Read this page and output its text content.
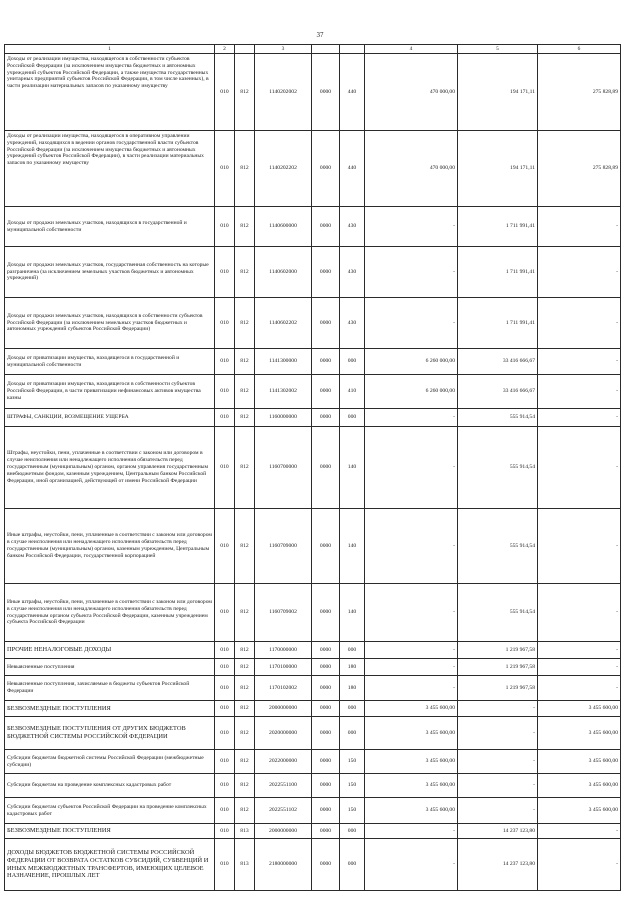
37
1	2		3			4	5	6
Доходы от реализации имущества, находящегося в собственности субъектов Российской Федерации (за исключением имущества бюджетных и автономных учреждений субъектов Российской Федерации, а также имущества государственных унитарных предприятий субъектов Российской Федерации, в том числе казенных), в части реализации материальных запасов по указанному имуществу	010	812	1140202002	0000	440	470 000,00	194 171,11	275 828,89
Доходы от реализации имущества, находящегося в оперативном управлении учреждений, находящихся в ведении органов государственной власти субъектов Российской Федерации (за исключением имущества бюджетных и автономных учреждений субъектов Российской Федерации), в части реализации материальных запасов по указанному имуществу	010	812	1140202202	0000	440	470 000,00	194 171,11	275 828,89
Доходы от продажи земельных участков, находящихся в государственной и муниципальной собственности	010	812	1140600000	0000	430	-	1 711 991,41	-
Доходы от продажи земельных участков, государственная собственность на которые разграничена (за исключением земельных участков бюджетных и автономных учреждений)	010	812	1140602000	0000	430	-	1 711 991,41	-
Доходы от продажи земельных участков, находящихся в собственности субъектов Российской Федерации (за исключением земельных участков бюджетных и автономных учреждений субъектов Российской Федерации)	010	812	1140602202	0000	430	-	1 711 991,41	-
Доходы от приватизации имущества, находящегося в государственной и муниципальной собственности	010	812	1141300000	0000	000	6 260 000,00	33 416 666,67	-
Доходы от приватизации имущества, находящегося в собственности субъектов Российской Федерации, в части приватизации нефинансовых активов имущества казны	010	812	1141302002	0000	410	6 260 000,00	33 416 666,67	-
ШТРАФЫ, САНКЦИИ, ВОЗМЕЩЕНИЕ УЩЕРБА	010	812	1160000000	0000	000	-	555 914,54	-
Штрафы, неустойки, пени, уплаченные в соответствии с законом или договором в случае неисполнения или ненадлежащего исполнения обязательств перед государственным (муниципальным) органом, органом управления государственным внебюджетным фондом, казенным учреждением, Центральным банком Российской Федерации, иной организацией, действующей от имени Российской Федерации	010	812	1160700000	0000	140	-	555 914,54	-
Иные штрафы, неустойки, пени, уплаченные в соответствии с законом или договором в случае неисполнения или ненадлежащего исполнения обязательств перед государственным (муниципальным) органом, казенным учреждением, Центральным банком Российской Федерации, государственной корпорацией	010	812	1160709000	0000	140	-	555 914,54	-
Иные штрафы, неустойки, пени, уплаченные в соответствии с законом или договором в случае неисполнения или ненадлежащего исполнения обязательств перед государственным органом субъекта Российской Федерации, казенным учреждением субъекта Российской Федерации	010	812	1160709002	0000	140	-	555 914,54	-
ПРОЧИЕ НЕНАЛОГОВЫЕ ДОХОДЫ	010	812	1170000000	0000	000	-	1 219 967,58	-
Невыясненные поступления	010	812	1170100000	0000	180	-	1 219 967,58	-
Невыясненные поступления, зачисляемые в бюджеты субъектов Российской Федерации	010	812	1170102002	0000	180	-	1 219 967,58	-
БЕЗВОЗМЕЗДНЫЕ ПОСТУПЛЕНИЯ	010	812	2000000000	0000	000	3 455 600,00	-	3 455 600,00
БЕЗВОЗМЕЗДНЫЕ ПОСТУПЛЕНИЯ ОТ ДРУГИХ БЮДЖЕТОВ БЮДЖЕТНОЙ СИСТЕМЫ РОССИЙСКОЙ ФЕДЕРАЦИИ	010	812	2020000000	0000	000	3 455 600,00	-	3 455 600,00
Субсидии бюджетам бюджетной системы Российской Федерации (межбюджетные субсидии)	010	812	2022000000	0000	150	3 455 600,00	-	3 455 600,00
Субсидии бюджетам на проведение комплексных кадастровых работ	010	812	2022551100	0000	150	3 455 600,00	-	3 455 600,00
Субсидии бюджетам субъектов Российской Федерации на проведение комплексных кадастровых работ	010	812	2022551102	0000	150	3 455 600,00	-	3 455 600,00
БЕЗВОЗМЕЗДНЫЕ ПОСТУПЛЕНИЯ	010	813	2000000000	0000	000	-	14 237 123,80	-
ДОХОДЫ БЮДЖЕТОВ БЮДЖЕТНОЙ СИСТЕМЫ РОССИЙСКОЙ ФЕДЕРАЦИИ ОТ ВОЗВРАТА ОСТАТКОВ СУБСИДИЙ, СУБВЕНЦИЙ И ИНЫХ МЕЖБЮДЖЕТНЫХ ТРАНСФЕРТОВ, ИМЕЮЩИХ ЦЕЛЕВОЕ НАЗНАЧЕНИЕ, ПРОШЛЫХ ЛЕТ	010	813	2180000000	0000	000	-	14 237 123,80	-
